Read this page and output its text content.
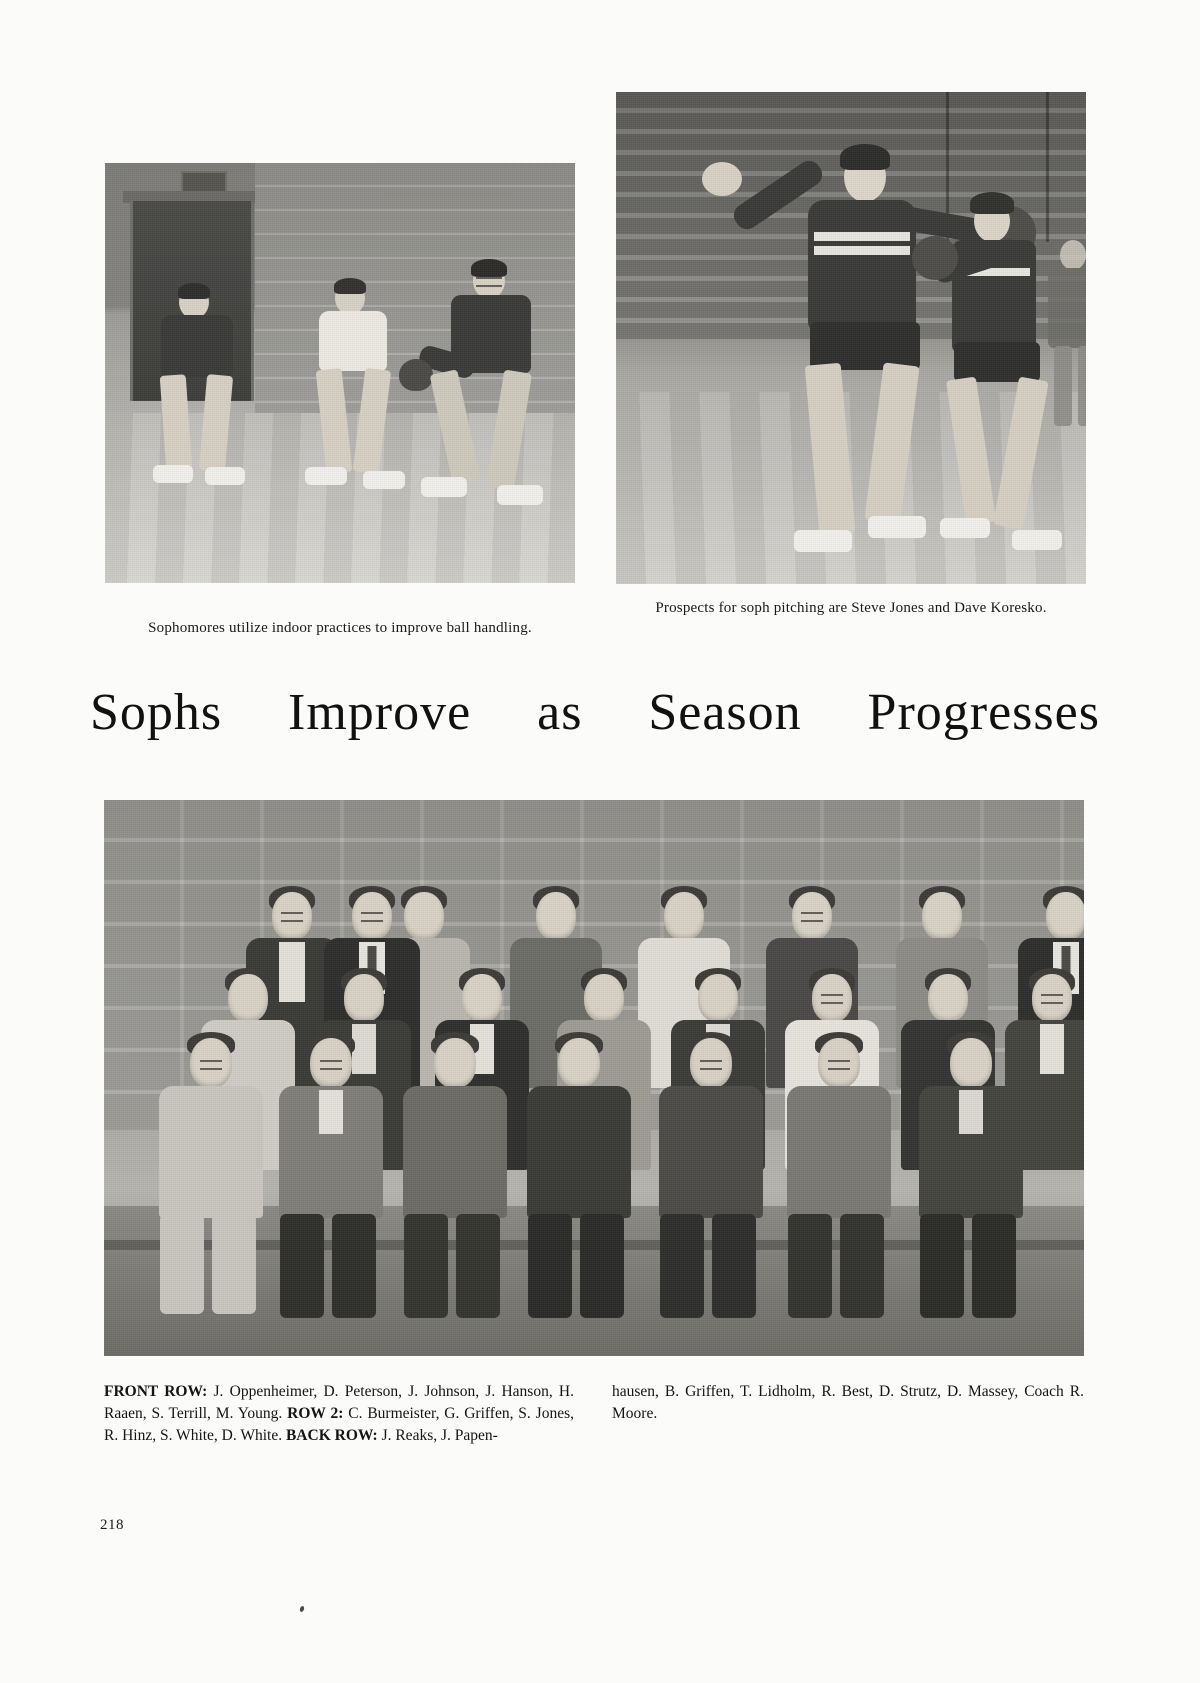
Sophomores utilize indoor practices to improve ball handling.
Prospects for soph pitching are Steve Jones and Dave Koresko.
Sophs Improve as Season Progresses
FRONT ROW: J. Oppenheimer, D. Peterson, J. Johnson, J. Hanson, H. Raaen, S. Terrill, M. Young. ROW 2: C. Burmeister, G. Griffen, S. Jones, R. Hinz, S. White, D. White. BACK ROW: J. Reaks, J. Papen-
hausen, B. Griffen, T. Lidholm, R. Best, D. Strutz, D. Massey, Coach R. Moore.
218
